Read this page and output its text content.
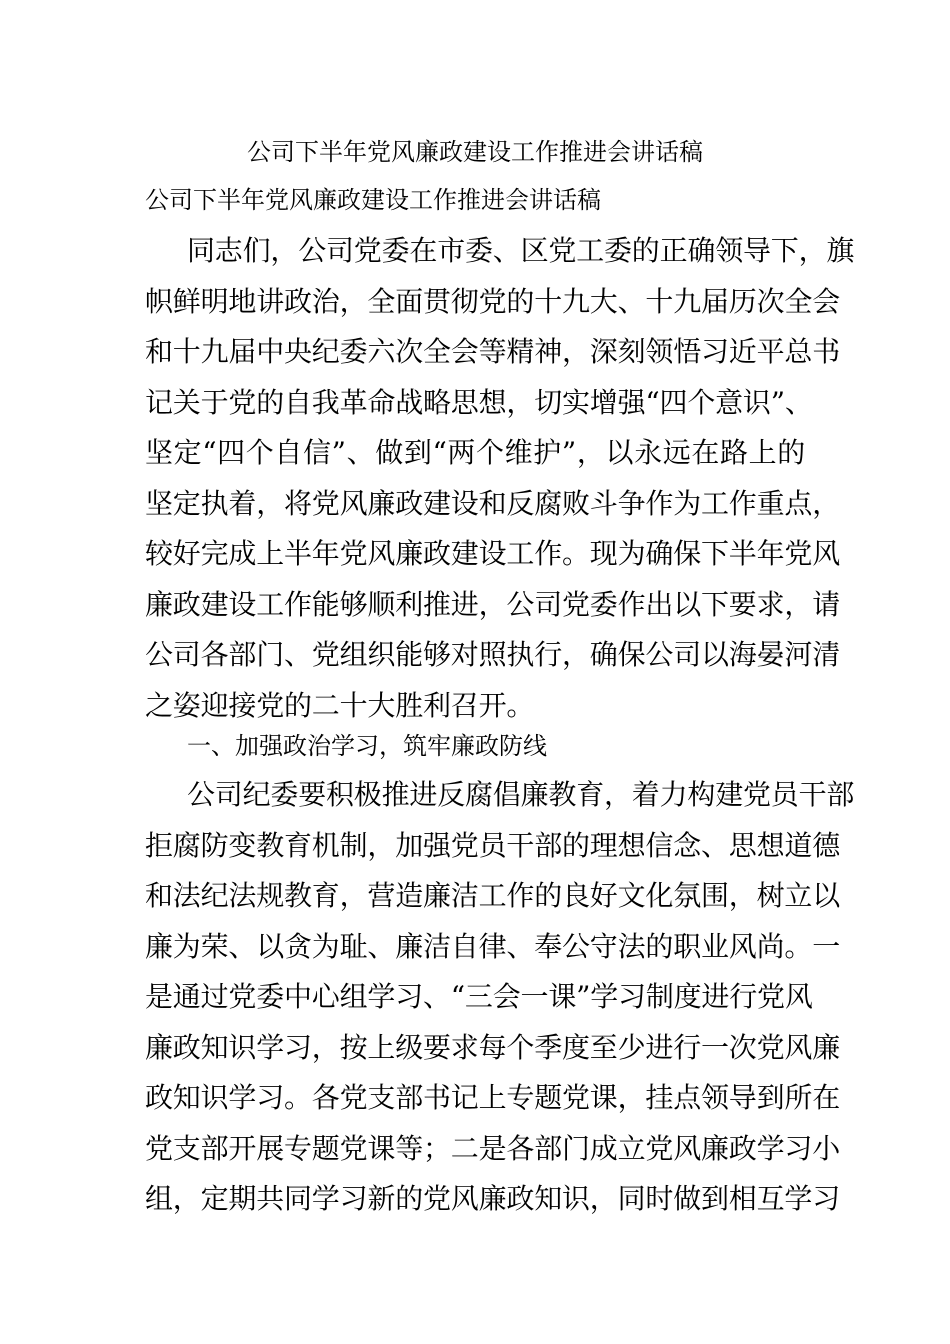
公司下半年党风廉政建设工作推进会讲话稿

公司下半年党风廉政建设工作推进会讲话稿

同志们，公司党委在市委、区党工委的正确领导下，旗
帜鲜明地讲政治，全面贯彻党的十九大、十九届历次全会
和十九届中央纪委六次全会等精神，深刻领悟习近平总书
记关于党的自我革命战略思想，切实增强“四个意识”、
坚定“四个自信”、做到“两个维护”，以永远在路上的
坚定执着，将党风廉政建设和反腐败斗争作为工作重点，
较好完成上半年党风廉政建设工作。现为确保下半年党风
廉政建设工作能够顺利推进，公司党委作出以下要求，请
公司各部门、党组织能够对照执行，确保公司以海晏河清
之姿迎接党的二十大胜利召开。

一、加强政治学习，筑牢廉政防线

公司纪委要积极推进反腐倡廉教育，着力构建党员干部
拒腐防变教育机制，加强党员干部的理想信念、思想道德
和法纪法规教育，营造廉洁工作的良好文化氛围，树立以
廉为荣、以贪为耻、廉洁自律、奉公守法的职业风尚。一
是通过党委中心组学习、“三会一课”学习制度进行党风
廉政知识学习，按上级要求每个季度至少进行一次党风廉
政知识学习。各党支部书记上专题党课，挂点领导到所在
党支部开展专题党课等；二是各部门成立党风廉政学习小
组，定期共同学习新的党风廉政知识，同时做到相互学习
